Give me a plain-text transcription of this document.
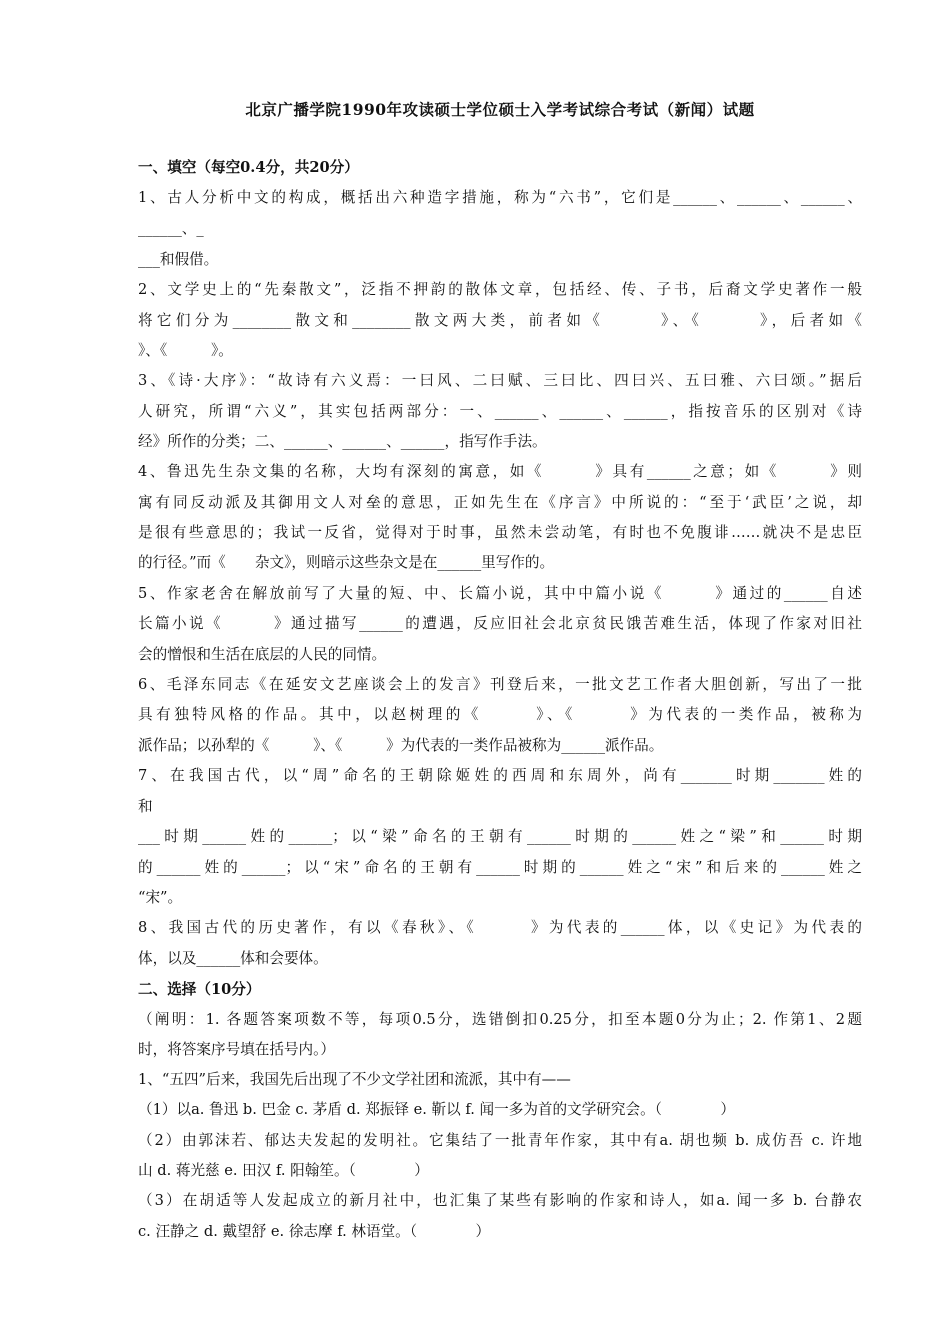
北京广播学院1990年攻读硕士学位硕士入学考试综合考试（新闻）试题
一、填空（每空0.4分，共20分）
1、古人分析中文的构成，概括出六种造字措施，称为“六书”，它们是______、______、______、
______、_
___和假借。
2、文学史上的“先秦散文”，泛指不押韵的散体文章，包括经、传、子书，后裔文学史著作一般
将它们分为________散文和________散文两大类，前者如《　　　》、《　　　》，后者如《
》、《　　　》。
3、《诗·大序》：“故诗有六义焉：一曰风、二曰赋、三曰比、四曰兴、五曰雅、六曰颂。”据后
人研究，所谓“六义”，其实包括两部分：一、______、______、______，指按音乐的区别对《诗
经》所作的分类；二、______、______、______，指写作手法。
4、鲁迅先生杂文集的名称，大均有深刻的寓意，如《　　　》具有______之意；如《　　　》则
寓有同反动派及其御用文人对垒的意思，正如先生在《序言》中所说的：“至于‘武臣’之说，却
是很有些意思的；我试一反省，觉得对于时事，虽然未尝动笔，有时也不免腹诽……就决不是忠臣
的行径。”而《　　杂文》，则暗示这些杂文是在______里写作的。
5、作家老舍在解放前写了大量的短、中、长篇小说，其中中篇小说《　　　》通过的______自述
长篇小说《　　　》通过描写______的遭遇，反应旧社会北京贫民饿苦难生活，体现了作家对旧社
会的憎恨和生活在底层的人民的同情。
6、毛泽东同志《在延安文艺座谈会上的发言》刊登后来，一批文艺工作者大胆创新，写出了一批
具有独特风格的作品。其中，以赵树理的《　　　》、《　　　》为代表的一类作品，被称为
派作品；以孙犁的《　　　》、《　　　》为代表的一类作品被称为______派作品。
7、在我国古代，以“周”命名的王朝除姬姓的西周和东周外，尚有_______时期_______姓的
和
___时期______姓的______；以“梁”命名的王朝有______时期的______姓之“梁”和______时期
的______姓的______；以“宋”命名的王朝有______时期的______姓之“宋”和后来的______姓之
“宋”。
8、我国古代的历史著作，有以《春秋》、《　　　》为代表的______体，以《史记》为代表的
体，以及______体和会要体。
二、选择（10分）
（阐明：1. 各题答案项数不等，每项0.5分，选错倒扣0.25分，扣至本题0分为止；2. 作第1、2题
时，将答案序号填在括号内。）
1、“五四”后来，我国先后出现了不少文学社团和流派，其中有——
（1）以a. 鲁迅 b. 巴金 c. 茅盾 d. 郑振铎 e. 靳以 f. 闻一多为首的文学研究会。（　　　　）
（2）由郭沫若、郁达夫发起的发明社。它集结了一批青年作家，其中有a. 胡也频 b. 成仿吾 c. 许地
山 d. 蒋光慈 e. 田汉 f. 阳翰笙。（　　　　）
（3）在胡适等人发起成立的新月社中，也汇集了某些有影响的作家和诗人，如a. 闻一多 b. 台静农
c. 汪静之 d. 戴望舒 e. 徐志摩 f. 林语堂。（　　　　）
